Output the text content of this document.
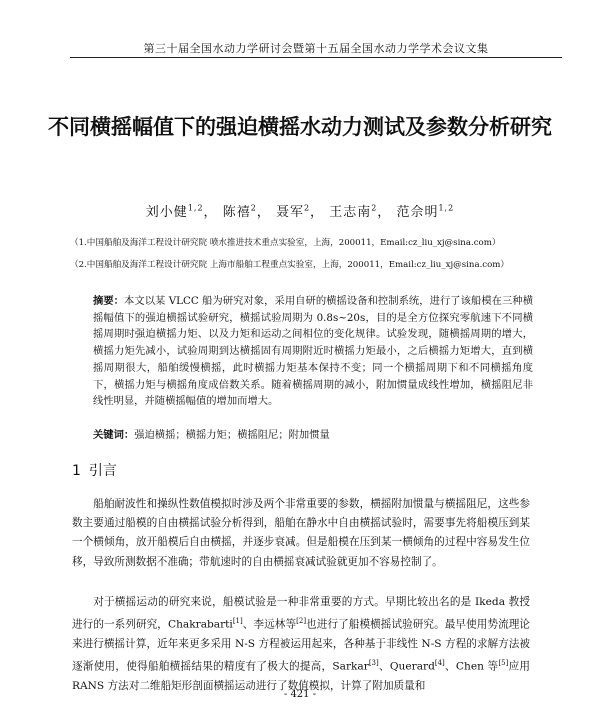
第三十届全国水动力学研讨会暨第十五届全国水动力学学术会议文集
不同横摇幅值下的强迫横摇水动力测试及参数分析研究
刘小健$^{1,2}$， 陈禧$^2$， 聂军$^2$， 王志南$^2$， 范佘明$^{1,2}$
（1.中国船舶及海洋工程设计研究院 喷水推进技术重点实验室，上海，200011，Email:cz_liu_xj@sina.com）
（2.中国船舶及海洋工程设计研究院 上海市船舶工程重点实验室，上海，200011，Email:cz_liu_xj@sina.com）
摘要：本文以某 VLCC 船为研究对象，采用自研的横摇设备和控制系统，进行了该船模在三种横摇幅值下的强迫横摇试验研究，横摇试验周期为 0.8s~20s，目的是全方位探究零航速下不同横摇周期时强迫横摇力矩、以及力矩和运动之间相位的变化规律。试验发现，随横摇周期的增大，横摇力矩先减小，试验周期到达横摇固有周期附近时横摇力矩最小，之后横摇力矩增大，直到横摇周期很大，船舶缓慢横摇，此时横摇力矩基本保持不变；同一个横摇周期下和不同横摇角度下，横摇力矩与横摇角度成倍数关系。随着横摇周期的减小，附加惯量成线性增加，横摇阻尼非线性明显，并随横摇幅值的增加而增大。
关键词：强迫横摇；横摇力矩；横摇阻尼；附加惯量
1 引言
船舶耐波性和操纵性数值模拟时涉及两个非常重要的参数，横摇附加惯量与横摇阻尼，这些参数主要通过船模的自由横摇试验分析得到，船舶在静水中自由横摇试验时，需要事先将船模压到某一个横倾角，放开船模后自由横摇，并逐步衰减。但是船模在压到某一横倾角的过程中容易发生位移，导致所测数据不准确；带航速时的自由横摇衰减试验就更加不容易控制了。
对于横摇运动的研究来说，船模试验是一种非常重要的方式。早期比较出名的是 Ikeda 教授进行的一系列研究，Chakrabarti[1]、李远林等[2]也进行了船模横摇试验研究。最早使用势流理论来进行横摇计算，近年来更多采用 N-S 方程被运用起来，各种基于非线性 N-S 方程的求解方法被逐渐使用，使得船舶横摇结果的精度有了极大的提高，Sarkar[3]、Querard[4]、Chen 等[5]应用 RANS 方法对二维船矩形剖面横摇运动进行了数值模拟，计算了附加质量和
- 421 -
